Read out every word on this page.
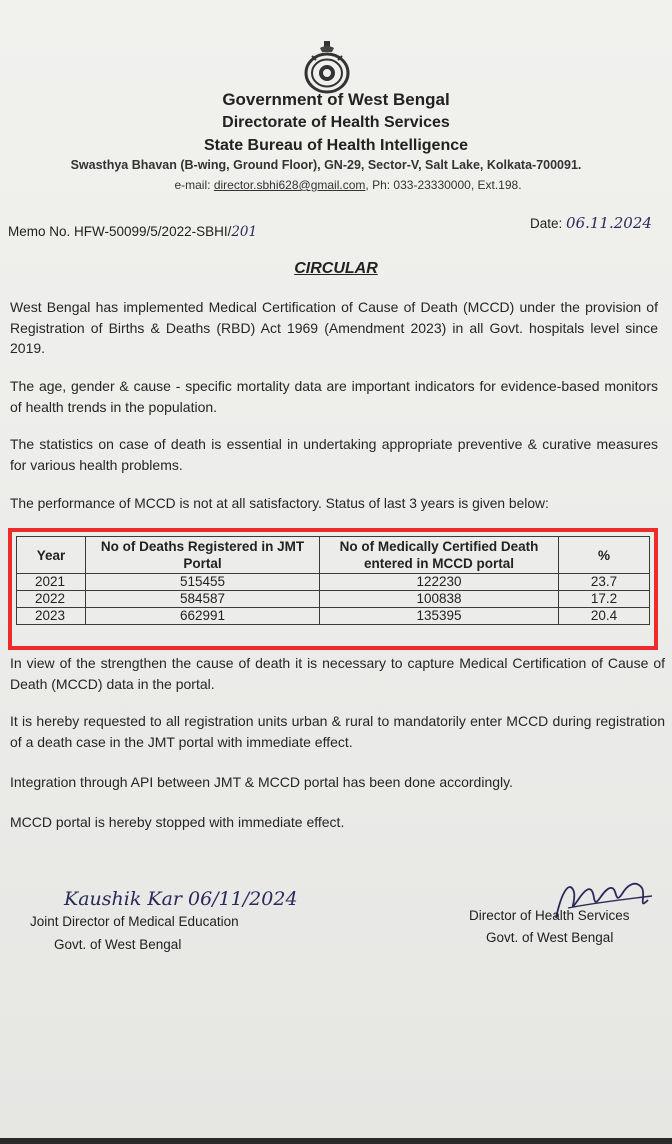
Government of West Bengal
Directorate of Health Services
State Bureau of Health Intelligence
Swasthya Bhavan (B-wing, Ground Floor), GN-29, Sector-V, Salt Lake, Kolkata-700091.
e-mail: director.sbhi628@gmail.com, Ph: 033-23330000, Ext.198.
Memo No. HFW-50099/5/2022-SBHI/201
Date: 06.11.2024
CIRCULAR
West Bengal has implemented Medical Certification of Cause of Death (MCCD) under the provision of Registration of Births & Deaths (RBD) Act 1969 (Amendment 2023) in all Govt. hospitals level since 2019.
The age, gender & cause - specific mortality data are important indicators for evidence-based monitors of health trends in the population.
The statistics on case of death is essential in undertaking appropriate preventive & curative measures for various health problems.
The performance of MCCD is not at all satisfactory. Status of last 3 years is given below:
Year	No of Deaths Registered in JMT Portal	No of Medically Certified Death entered in MCCD portal	%
2021	515455	122230	23.7
2022	584587	100838	17.2
2023	662991	135395	20.4
In view of the strengthen the cause of death it is necessary to capture Medical Certification of Cause of Death (MCCD) data in the portal.
It is hereby requested to all registration units urban & rural to mandatorily enter MCCD during registration of a death case in the JMT portal with immediate effect.
Integration through API between JMT & MCCD portal has been done accordingly.
MCCD portal is hereby stopped with immediate effect.
Kaushik Kar 06/11/2024
Joint Director of Medical Education
Govt. of West Bengal
Director of Health Services
Govt. of West Bengal
